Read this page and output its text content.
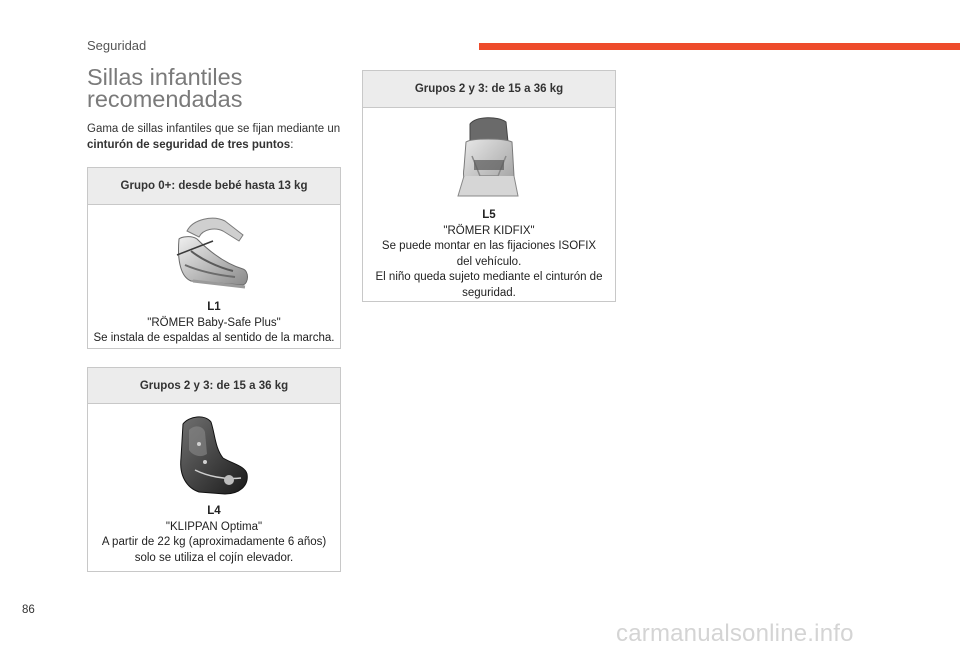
Seguridad
Sillas infantiles
recomendadas
Gama de sillas infantiles que se fijan mediante un
cinturón de seguridad de tres puntos:
Grupo 0+: desde bebé hasta 13 kg
L1
"RÖMER Baby-Safe Plus"
Se instala de espaldas al sentido de la marcha.
Grupos 2 y 3: de 15 a 36 kg
L4
"KLIPPAN Optima"
A partir de 22 kg (aproximadamente 6 años)
solo se utiliza el cojín elevador.
Grupos 2 y 3: de 15 a 36 kg
L5
"RÖMER KIDFIX"
Se puede montar en las fijaciones ISOFIX
del vehículo.
El niño queda sujeto mediante el cinturón de
seguridad.
86
carmanualsonline.info
